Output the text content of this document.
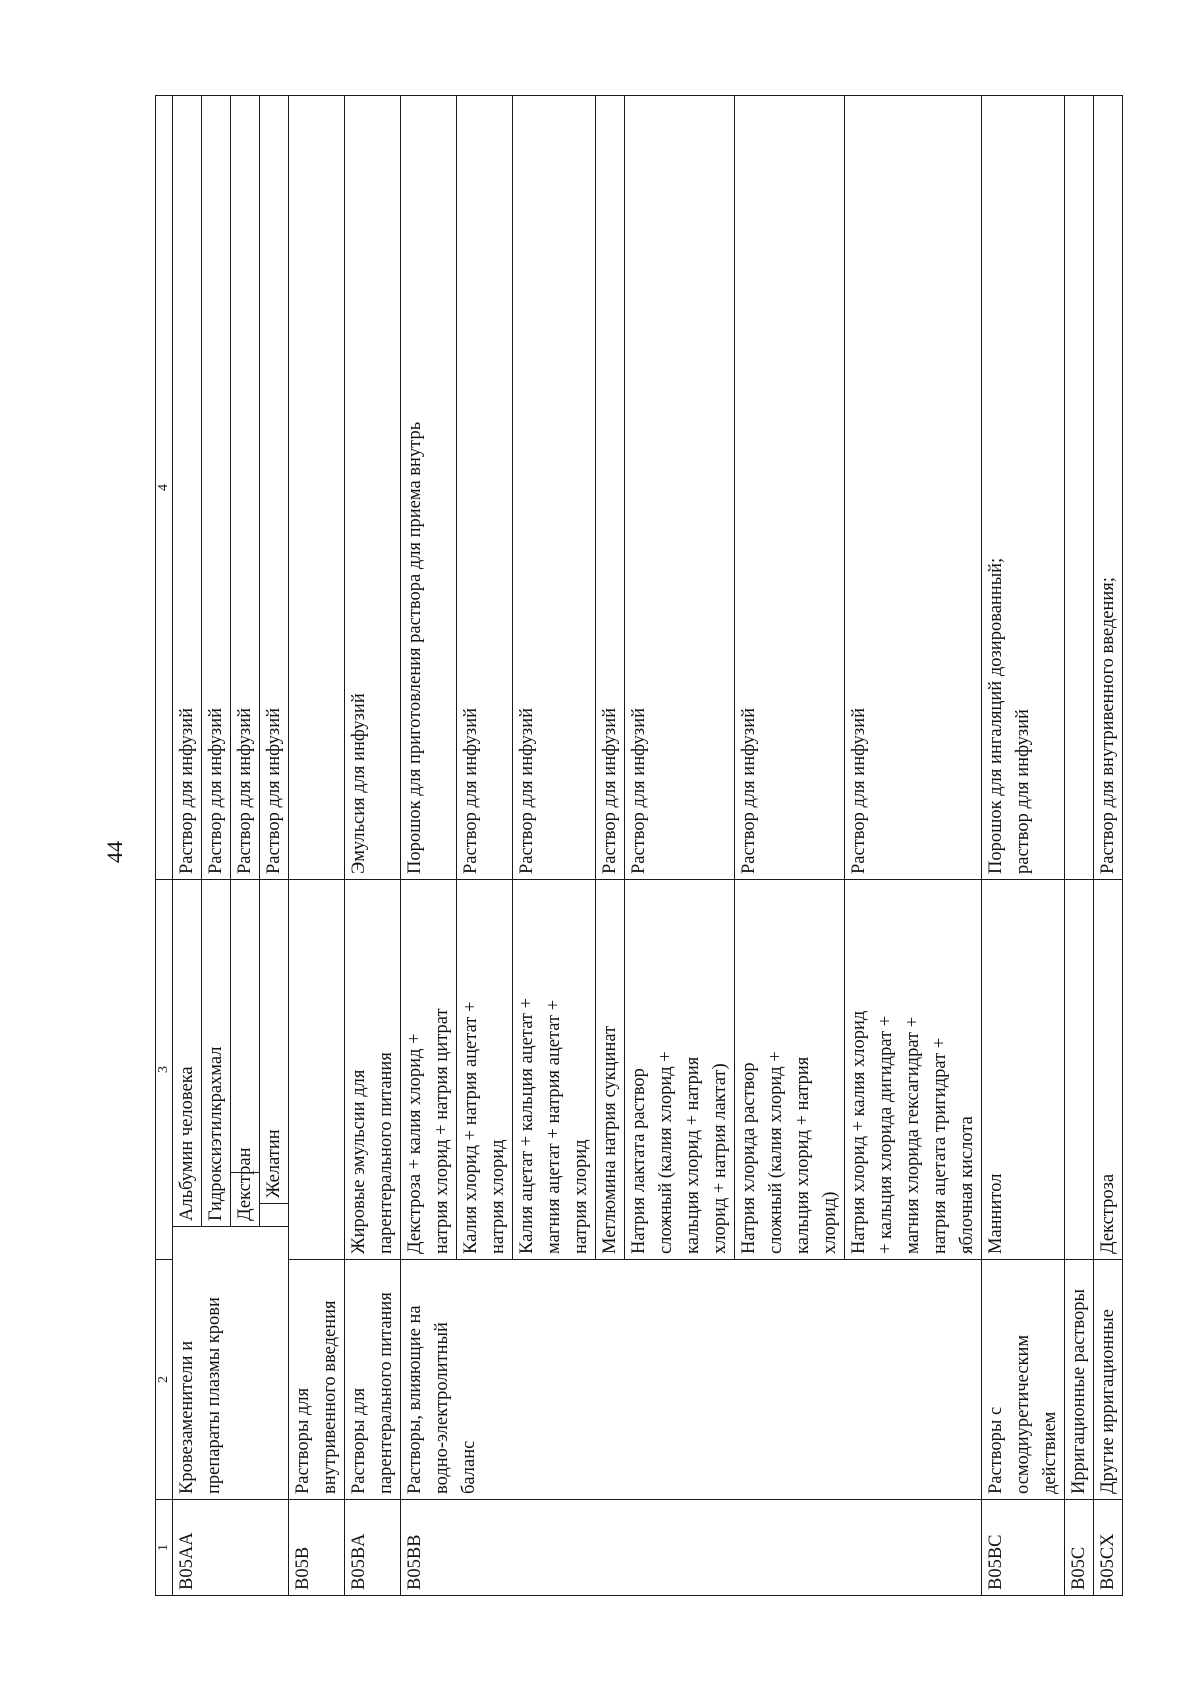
44
1	2	3				4
B05AA	Кровезаменители и
препараты плазмы крови		Альбумин человека			Раствор для инфузий
			Гидроксиэтилкрахмал			Раствор для инфузий
			Декстран			Раствор для инфузий
				Желатин		Раствор для инфузий
B05B	Растворы для
внутривенного введения					
B05BA	Растворы для
парентерального питания	Жировые эмульсии для
парентерального питания				Эмульсия для инфузий
B05BB	Растворы, влияющие на
водно-электролитный
баланс	Декстроза + калия хлорид +
натрия хлорид + натрия цитрат				Порошок для приготовления раствора для приема внутрь
		Калия хлорид + натрия ацетат +
натрия хлорид				Раствор для инфузий
		Калия ацетат + кальция ацетат +
магния ацетат + натрия ацетат +
натрия хлорид				Раствор для инфузий
		Меглюмина натрия сукцинат				Раствор для инфузий
		Натрия лактата раствор
сложный (калия хлорид +
кальция хлорид + натрия
хлорид + натрия лактат)				Раствор для инфузий
		Натрия хлорида раствор
сложный (калия хлорид +
кальция хлорид + натрия
хлорид)				Раствор для инфузий
		Натрия хлорид + калия хлорид
+ кальция хлорида дигидрат +
магния хлорида гексагидрат +
натрия ацетата тригидрат +
яблочная кислота				Раствор для инфузий
B05BC	Растворы с
осмодиуретическим
действием	Маннитол				Порошок для ингаляций дозированный;
раствор для инфузий
B05C	Ирригационные растворы					
B05CX	Другие ирригационные	Декстроза				Раствор для внутривенного введения;
